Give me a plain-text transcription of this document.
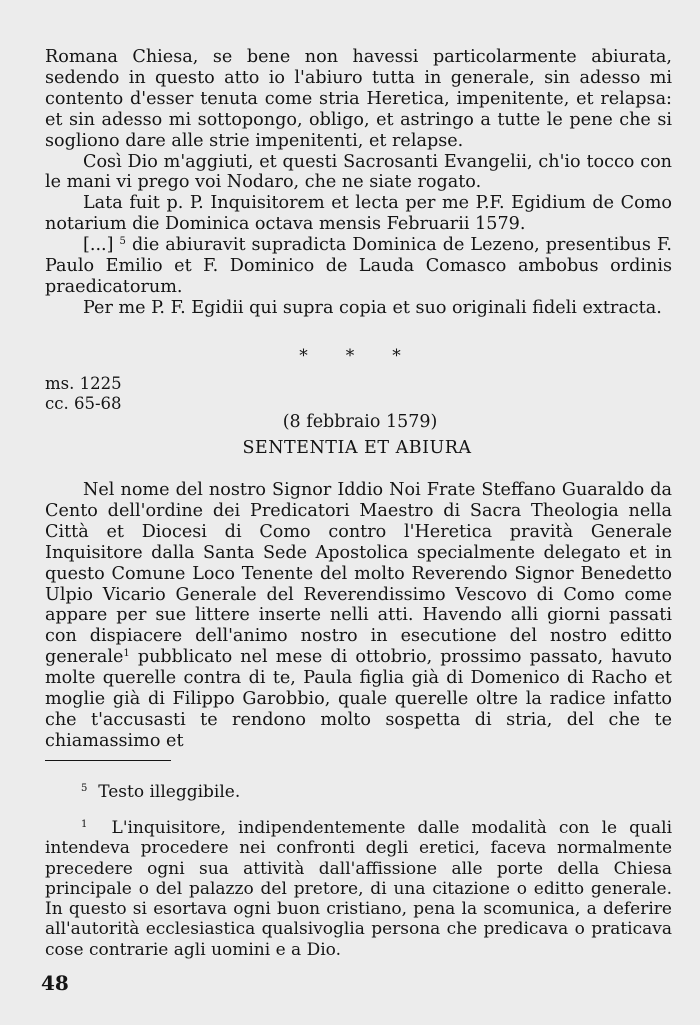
Romana Chiesa, se bene non havessi particolarmente abiurata, sedendo in questo atto io l'abiuro tutta in generale, sin adesso mi contento d'esser tenuta come stria Heretica, impenitente, et relapsa: et sin adesso mi sottopongo, obligo, et astringo a tutte le pene che si sogliono dare alle strie impenitenti, et relapse.

Così Dio m'aggiuti, et questi Sacrosanti Evangelii, ch'io tocco con le mani vi prego voi Nodaro, che ne siate rogato.

Lata fuit p. P. Inquisitorem et lecta per me P.F. Egidium de Como notarium die Dominica octava mensis Februarii 1579.

[...] $^5$ die abiuravit supradicta Dominica de Lezeno, presentibus F. Paulo Emilio et F. Dominico de Lauda Comasco ambobus ordinis praedicatorum.

Per me P. F. Egidii qui supra copia et suo originali fideli extracta.

* * *
ms. 1225
cc. 65-68
(8 febbraio 1579)
SENTENTIA ET ABIURA

Nel nome del nostro Signor Iddio Noi Frate Steffano Guaraldo da Cento dell'ordine dei Predicatori Maestro di Sacra Theologia nella Città et Diocesi di Como contro l'Heretica pravità Generale Inquisitore dalla Santa Sede Apostolica specialmente delegato et in questo Comune Loco Tenente del molto Reverendo Signor Benedetto Ulpio Vicario Generale del Reverendissimo Vescovo di Como come appare per sue littere inserte nelli atti. Havendo alli giorni passati con dispiacere dell'animo nostro in esecutione del nostro editto generale$^1$ pubblicato nel mese di ottobrio, prossimo passato, havuto molte querelle contra di te, Paula figlia già di Domenico di Racho et moglie già di Filippo Garobbio, quale querelle oltre la radice infatto che t'accusasti te rendono molto sospetta di stria, del che te chiamassimo et

$^5$ Testo illeggibile.

$^1$ L'inquisitore, indipendentemente dalle modalità con le quali intendeva procedere nei confronti degli eretici, faceva normalmente precedere ogni sua attività dall'affissione alle porte della Chiesa principale o del palazzo del pretore, di una citazione o editto generale. In questo si esortava ogni buon cristiano, pena la scomunica, a deferire all'autorità ecclesiastica qualsivoglia persona che predicava o praticava cose contrarie agli uomini e a Dio.

48
